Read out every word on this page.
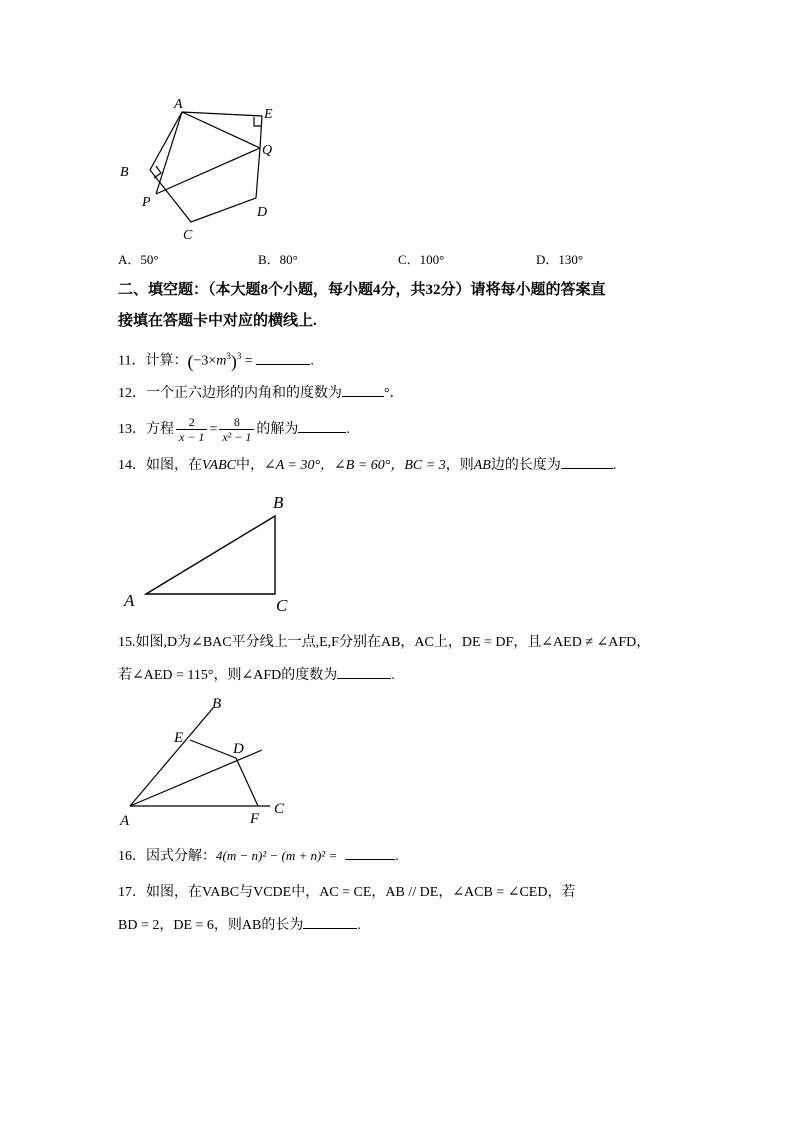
A
E
B
Q
P
D
C
A．50°	B．80°	C．100°	D．130°
二、填空题：（本大题8个小题，每小题4分，共32分）请将每小题的答案直
接填在答题卡中对应的横线上.
11．计算：$(-3\times m^3)^3$ =	.
12．一个正六边形的内角和的度数为	°．
13．方程 $\frac{2}{x - 1} = \frac{8}{\text{x² − 1}}$ 的解为	.
14．如图，在VABC中，∠A = 30°，∠B = 60°，BC = 3，则AB边的长度为	.
A
B
C
15.如图,D为∠BAC平分线上一点,E,F分别在AB，AC上，DE = DF，且∠AED ≠ ∠AFD，
若∠AED = 115°，则∠AFD的度数为	.
B
E
D
C
A	F
16．因式分解：4(m − n)² − (m + n)² =	.
17．如图，在VABC与VCDE中，AC = CE，AB // DE，∠ACB = ∠CED，若
BD = 2，DE = 6，则AB的长为	.
